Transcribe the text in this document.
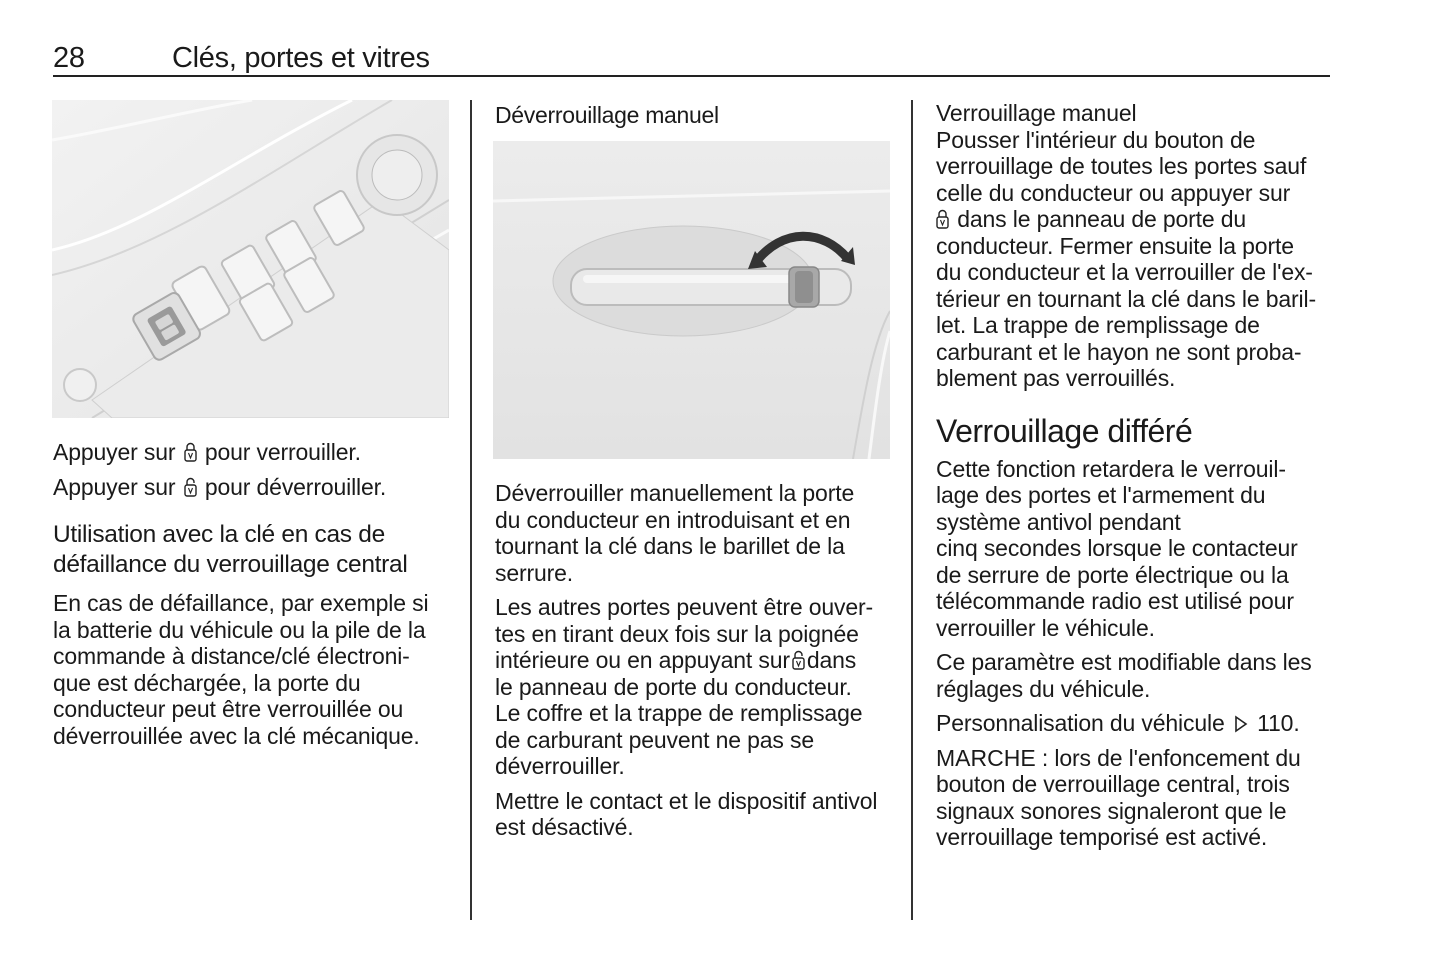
28	Clés, portes et vitres

Appuyer sur pour verrouiller.

Appuyer sur pour déverrouiller.

Utilisation avec la clé en cas de
défaillance du verrouillage central
En cas de défaillance, par exemple si
la batterie du véhicule ou la pile de la
commande à distance/clé électroni-
que est déchargée, la porte du
conducteur peut être verrouillée ou
déverrouillée avec la clé mécanique.
Déverrouillage manuel
Déverrouiller manuellement la porte
du conducteur en introduisant et en
tournant la clé dans le barillet de la
serrure.
Les autres portes peuvent être ouver-
tes en tirant deux fois sur la poignée
intérieure ou en appuyant sur dans
le panneau de porte du conducteur.
Le coffre et la trappe de remplissage
de carburant peuvent ne pas se
déverrouiller.
Mettre le contact et le dispositif antivol
est désactivé.
Verrouillage manuel
Pousser l'intérieur du bouton de
verrouillage de toutes les portes sauf
celle du conducteur ou appuyer sur
dans le panneau de porte du
conducteur. Fermer ensuite la porte
du conducteur et la verrouiller de l'ex-
térieur en tournant la clé dans le baril-
let. La trappe de remplissage de
carburant et le hayon ne sont proba-
blement pas verrouillés.
Verrouillage différé
Cette fonction retardera le verrouil-
lage des portes et l'armement du
système antivol pendant
cinq secondes lorsque le contacteur
de serrure de porte électrique ou la
télécommande radio est utilisé pour
verrouiller le véhicule.
Ce paramètre est modifiable dans les
réglages du véhicule.
Personnalisation du véhicule 110.
MARCHE : lors de l'enfoncement du
bouton de verrouillage central, trois
signaux sonores signaleront que le
verrouillage temporisé est activé.
